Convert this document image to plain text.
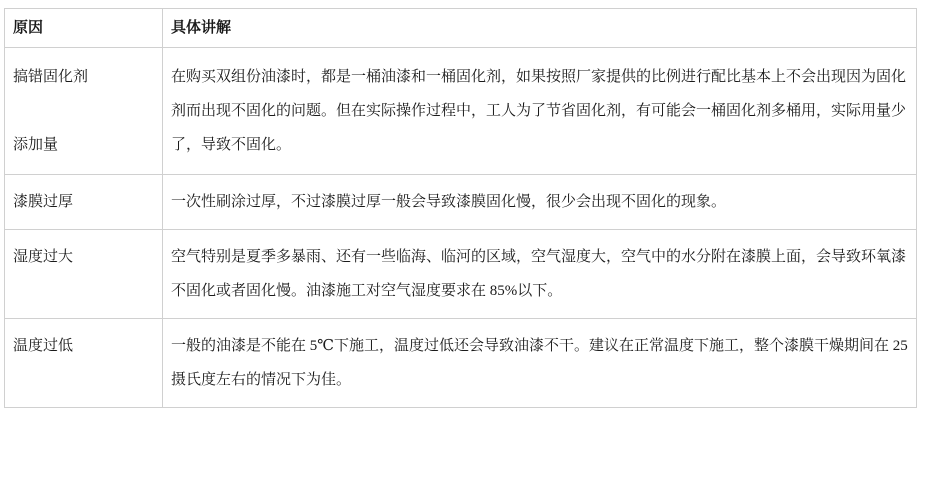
原因	具体讲解

搞错固化剂
添加量	在购买双组份油漆时，都是一桶油漆和一桶固化剂，如果按照厂家提供的比例进行配比基本上不会出现因为固化剂而出现不固化的问题。但在实际操作过程中，工人为了节省固化剂，有可能会一桶固化剂多桶用，实际用量少了，导致不固化。

漆膜过厚	一次性刷涂过厚，不过漆膜过厚一般会导致漆膜固化慢，很少会出现不固化的现象。

湿度过大	空气特别是夏季多暴雨、还有一些临海、临河的区域，空气湿度大，空气中的水分附在漆膜上面，会导致环氧漆不固化或者固化慢。油漆施工对空气湿度要求在 85%以下。

温度过低	一般的油漆是不能在 5℃下施工，温度过低还会导致油漆不干。建议在正常温度下施工，整个漆膜干燥期间在 25 摄氏度左右的情况下为佳。
